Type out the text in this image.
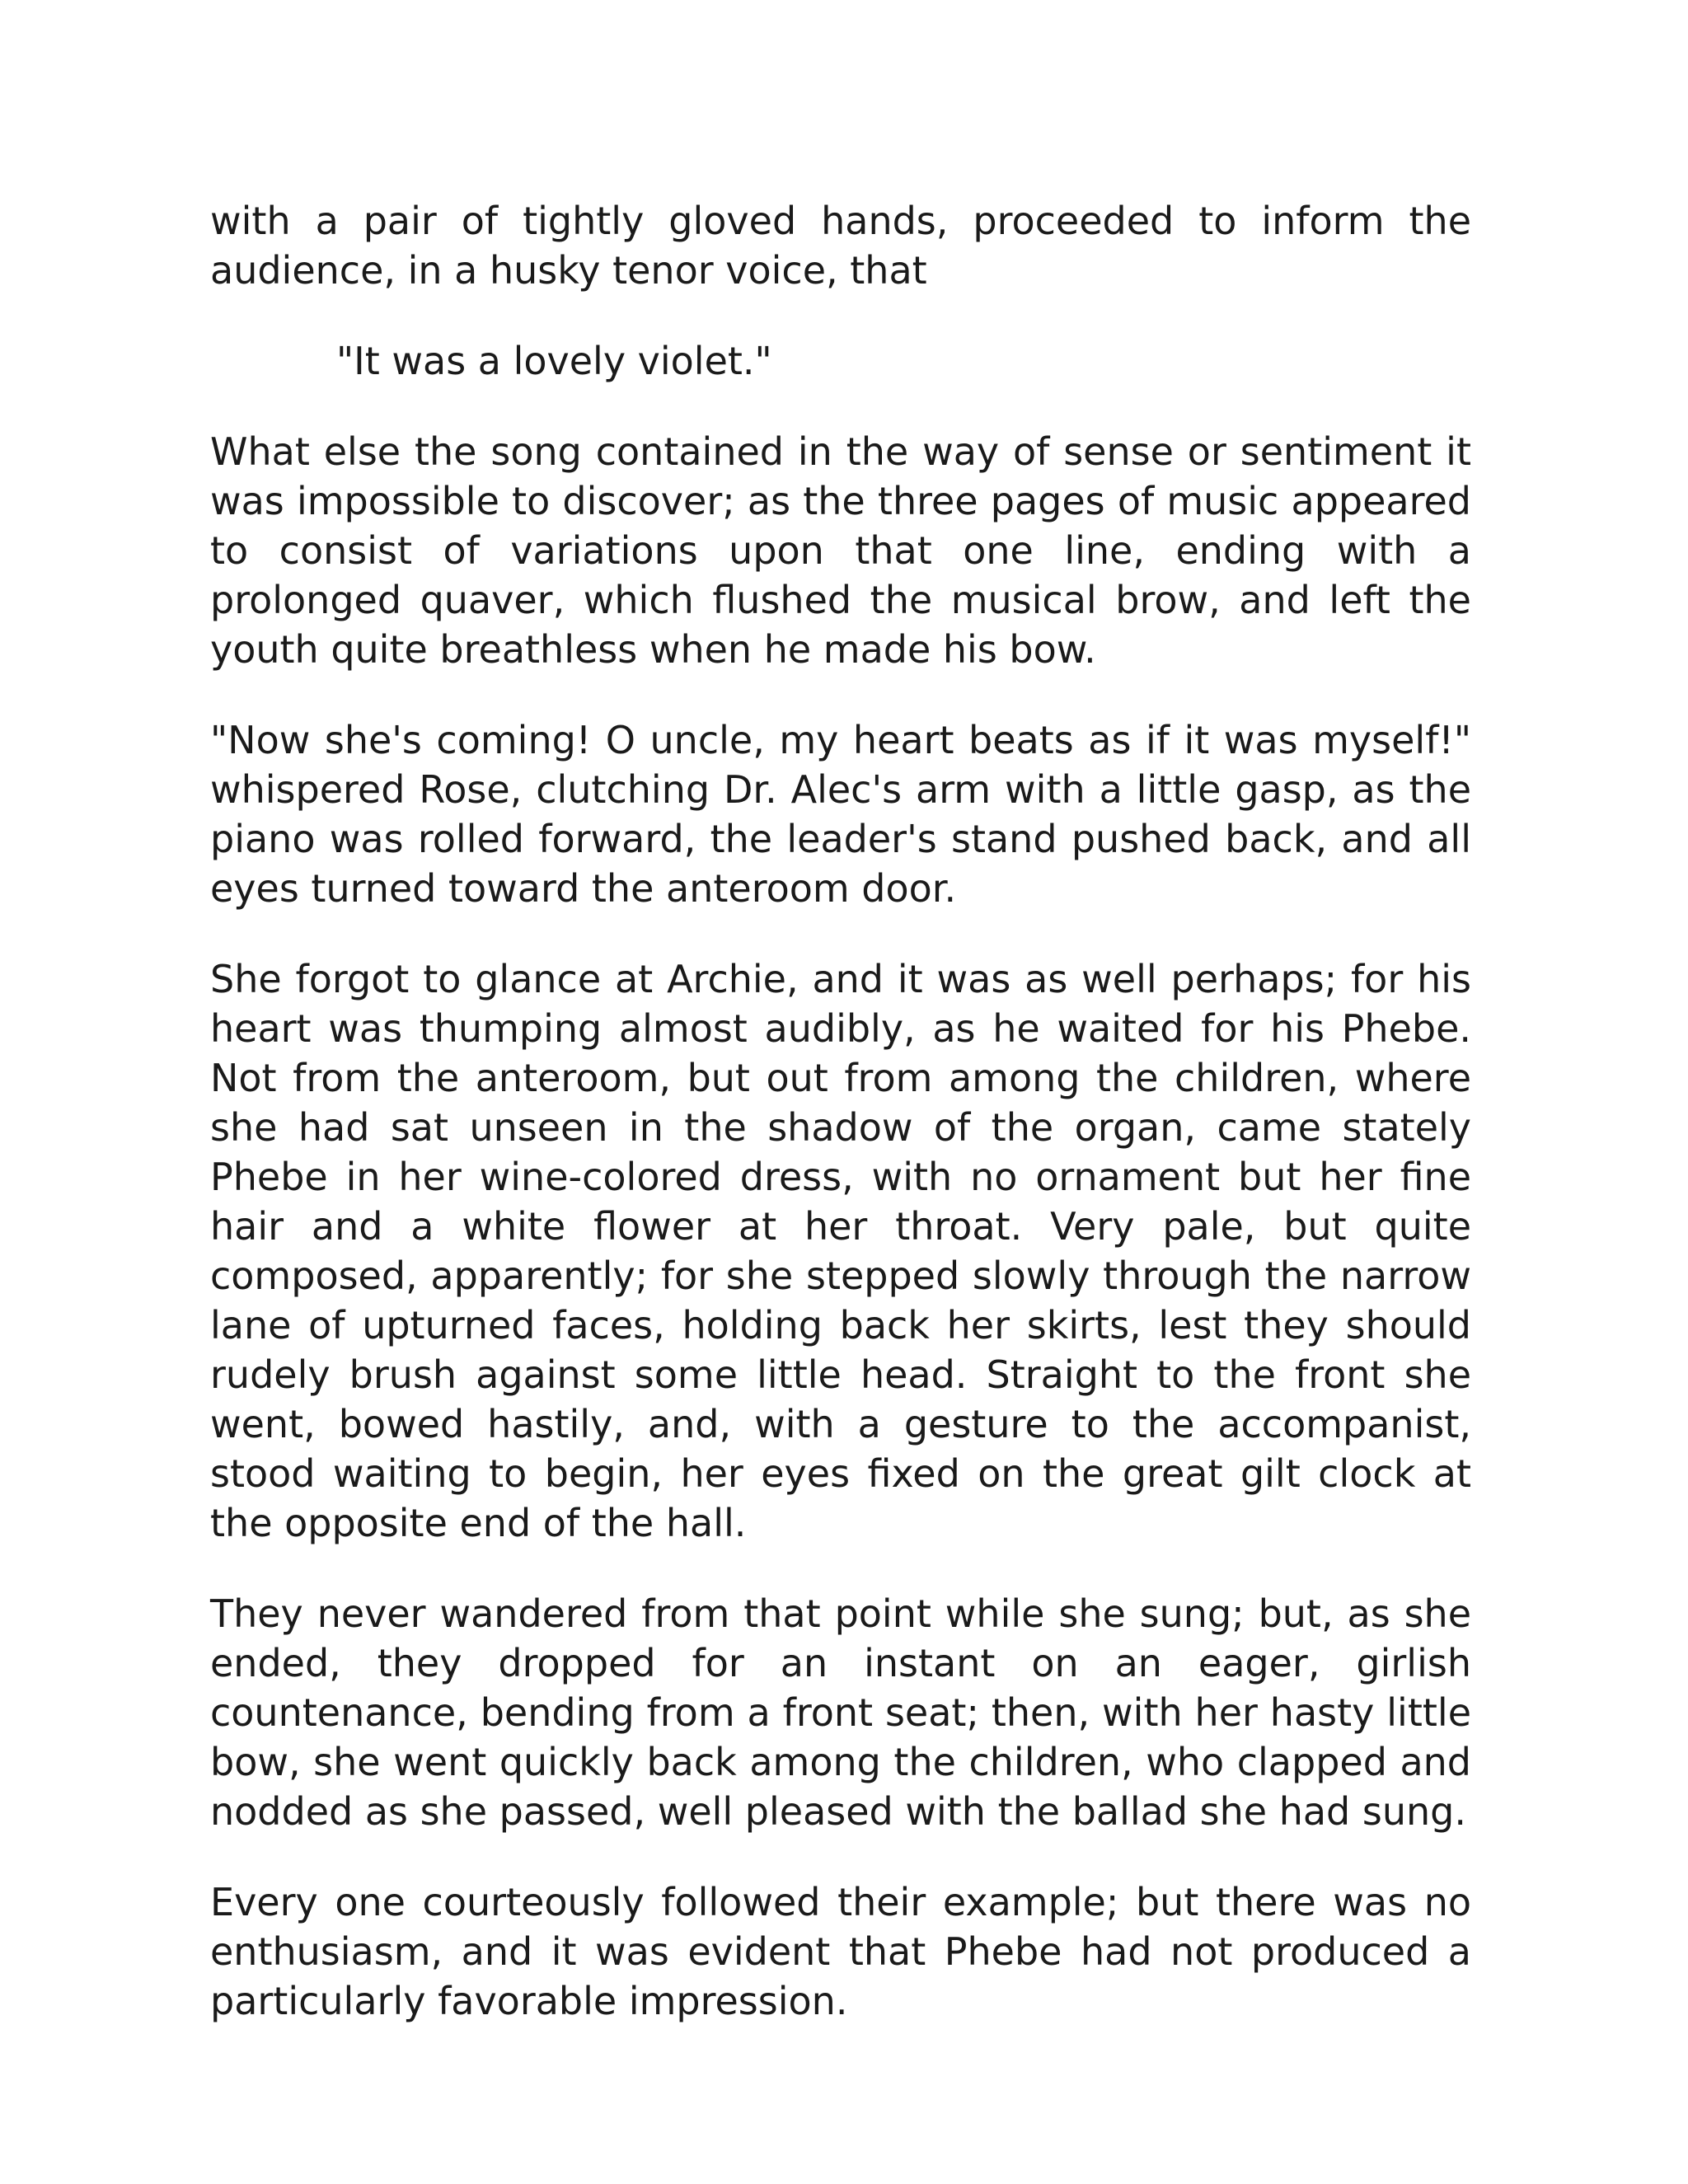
with a pair of tightly gloved hands, proceeded to inform the audience, in a husky tenor voice, that

"It was a lovely violet."

What else the song contained in the way of sense or sentiment it was impossible to discover; as the three pages of music appeared to consist of variations upon that one line, ending with a prolonged quaver, which flushed the musical brow, and left the youth quite breathless when he made his bow.

"Now she's coming! O uncle, my heart beats as if it was myself!" whispered Rose, clutching Dr. Alec's arm with a little gasp, as the piano was rolled forward, the leader's stand pushed back, and all eyes turned toward the anteroom door.

She forgot to glance at Archie, and it was as well perhaps; for his heart was thumping almost audibly, as he waited for his Phebe. Not from the anteroom, but out from among the children, where she had sat unseen in the shadow of the organ, came stately Phebe in her wine-colored dress, with no ornament but her fine hair and a white flower at her throat. Very pale, but quite composed, apparently; for she stepped slowly through the narrow lane of upturned faces, holding back her skirts, lest they should rudely brush against some little head. Straight to the front she went, bowed hastily, and, with a gesture to the accompanist, stood waiting to begin, her eyes fixed on the great gilt clock at the opposite end of the hall.

They never wandered from that point while she sung; but, as she ended, they dropped for an instant on an eager, girlish countenance, bending from a front seat; then, with her hasty little bow, she went quickly back among the children, who clapped and nodded as she passed, well pleased with the ballad she had sung.

Every one courteously followed their example; but there was no enthusiasm, and it was evident that Phebe had not produced a particularly favorable impression.
